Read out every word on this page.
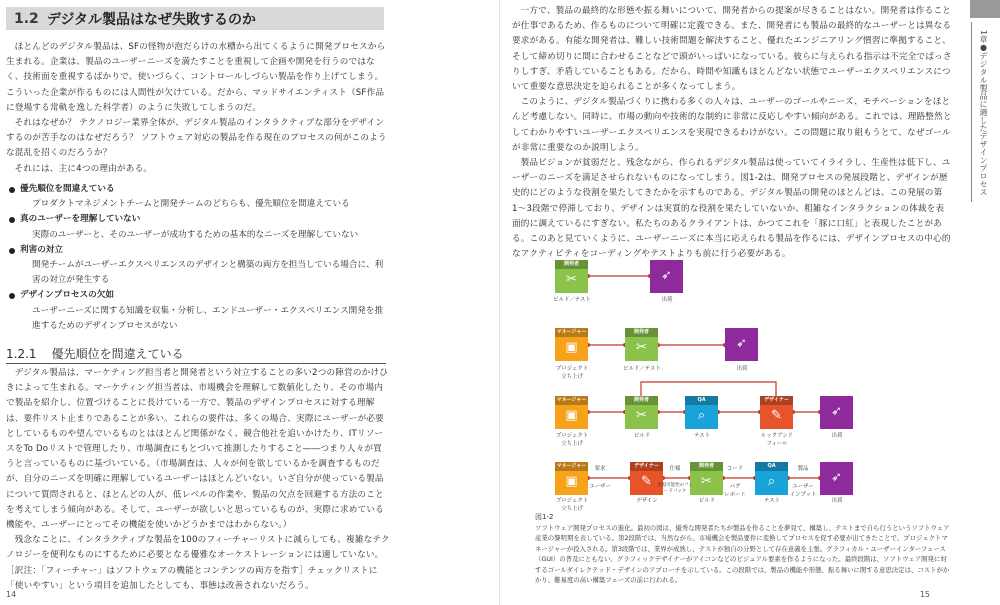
1.2 デジタル製品はなぜ失敗するのか

ほとんどのデジタル製品は、SFの怪物が泡だらけの水槽から出てくるように開発プロセスから生まれる。企業は、製品のユーザーニーズを満たすことを重視して企画や開発を行うのではなく、技術面を重視するばかりで、使いづらく、コントロールしづらい製品を作り上げてしまう。こういった企業が作るものには人間性が欠けている。だから、マッドサイエンティスト（SF作品に登場する常軌を逸した科学者）のように失敗してしまうのだ。

それはなぜか？ テクノロジー業界全体が、デジタル製品のインタラクティブな部分をデザインするのが苦手なのはなぜだろう？ ソフトウェア対応の製品を作る現在のプロセスの何がこのような混乱を招くのだろうか？

それには、主に4つの理由がある。

優先順位を間違えている
プロダクトマネジメントチームと開発チームのどちらも、優先順位を間違えている
真のユーザーを理解していない
実際のユーザーと、そのユーザーが成功するための基本的なニーズを理解していない
利害の対立
開発チームがユーザーエクスペリエンスのデザインと構築の両方を担当している場合に、利害の対立が発生する
デザインプロセスの欠如
ユーザーニーズに関する知識を収集・分析し、エンドユーザー・エクスペリエンス開発を推進するためのデザインプロセスがない
1.2.1 優先順位を間違えている

デジタル製品は、マーケティング担当者と開発者という対立することの多い2つの陣営のかけひきによって生まれる。マーケティング担当者は、市場機会を理解して数値化したり、その市場内で製品を紹介し、位置づけることに長けている一方で、製品のデザインプロセスに対する理解は、要件リスト止まりであることが多い。これらの要件は、多くの場合、実際にユーザーが必要としているものや望んでいるものとはほとんど関係がなく、競合他社を追いかけたり、ITリソースをTo Doリストで管理したり、市場調査にもとづいて推測したりすること――つまり人々が買うと言っているものに基づいている。（市場調査は、人々が何を欲しているかを調査するものだが、自分のニーズを明確に理解しているユーザーはほとんどいない。いざ自分が使っている製品について質問されると、ほとんどの人が、低レベルの作業や、製品の欠点を回避する方法のことを考えてしまう傾向がある。そして、ユーザーが欲しいと思っているものが、実際に求めている機能や、ユーザーにとってその機能を使いかどうかまではわからない。）

残念なことに、インタラクティブな製品を100のフィーチャーリストに減らしても、複雑なテクノロジーを便利なものにするために必要となる優雅なオーケストレーションには適していない。［訳注：「フィーチャー」はソフトウェアの機能とコンテンツの両方を指す］チェックリストに「使いやすい」という項目を追加したとしても、事態は改善されないだろう。

14

一方で、製品の最終的な形態や振る舞いについて、開発者からの提案が尽きることはない。開発者は作ることが仕事であるため、作るものについて明確に定義できる。また、開発者にも製品の最終的なユーザーとは異なる要求がある。有能な開発者は、難しい技術問題を解決すること、優れたエンジニアリング慣習に準拠すること、そして締め切りに間に合わせることなどで頭がいっぱいになっている。彼らに与えられる指示は不完全でばっさりしすぎ、矛盾していることもある。だから、時間や知識もほとんどない状態でユーザーエクスペリエンスについて重要な意思決定を迫られることが多くなってしまう。

このように、デジタル製品づくりに携わる多くの人々は、ユーザーのゴールやニーズ、モチベーションをほとんど考慮しない。同時に、市場の動向や技術的な制約に非常に反応しやすい傾向がある。これでは、理路整然としてわかりやすいユーザーエクスペリエンスを実現できるわけがない。この問題に取り組もうとて、なぜゴールが非常に重要なのか説明しよう。

製品ビジョンが貧弱だと、残念ながら、作られるデジタル製品は使っていてイライラし、生産性は低下し、ユーザーのニーズを満足させられないものになってしまう。図1-2は、開発プロセスの発展段階と、デザインが歴史的にどのような役割を果たしてきたかを示すものである。デジタル製品の開発のほとんどは、この発展の第1〜3段階で停滞しており、デザインは実質的な役割を果たしていないか、粗雑なインタラクションの体裁を表面的に調えているにすぎない。私たちのあるクライアントは、かつてこれを「豚に口紅」と表現したことがある。このあと見ていくように、ユーザーニーズに本当に応えられる製品を作るには、デザインプロセスの中心的なアクティビティをコーディングやテストよりも前に行う必要がある。

1章●デジタル製品に適したデザインプロセス
開発者
✂	➶
ビルド／テスト	出荷
マネージャー
▣
開発者
✂	➶
プロジェクト
立ち上げ
ビルド／テスト	出荷
マネージャー
▣
開発者
✂
QA
⌕
デザイナー
✎	➶
プロジェクト
立ち上げ
ビルド	テスト	ルックアンド
フィール
出荷
マネージャー
▣
デザイナー
✎
開発者
✂
QA
⌕	➶
プロジェクト
立ち上げ
デザイン	ビルド	テスト	出荷
要求
ユーザー
仕様	コード
バグ
レポート
製品
ユーザー
インプット
実現可能性のフィードバック
図1-2
ソフトウェア開発プロセスの進化。最初の図は、優秀な開発者たちが製品を作ることを夢見て、構築し、テストまで自ら行うというソフトウェア産業の黎明期を表している。第2段階では、当然ながら、市場機会を製品要件に変換してプロセスを促す必要が出てきたことで、プロジェクトマネージャーが投入される。第3段階では、業界が成熟し、テストが独自の分野として存在意義を主張。グラフィカル・ユーザーインターフェース（GUI）の普及にともない、グラフィックデザイナーがアイコンなどのビジュアル要素を作るようになった。最終段階は、ソフトウェア開発に対するゴールダイレクテッド・デザインのアプローチを示している。この段階では、製品の機能や形態、振る舞いに関する意思決定は、コストがかかり、難易度の高い構築フェーズの前に行われる。
15
